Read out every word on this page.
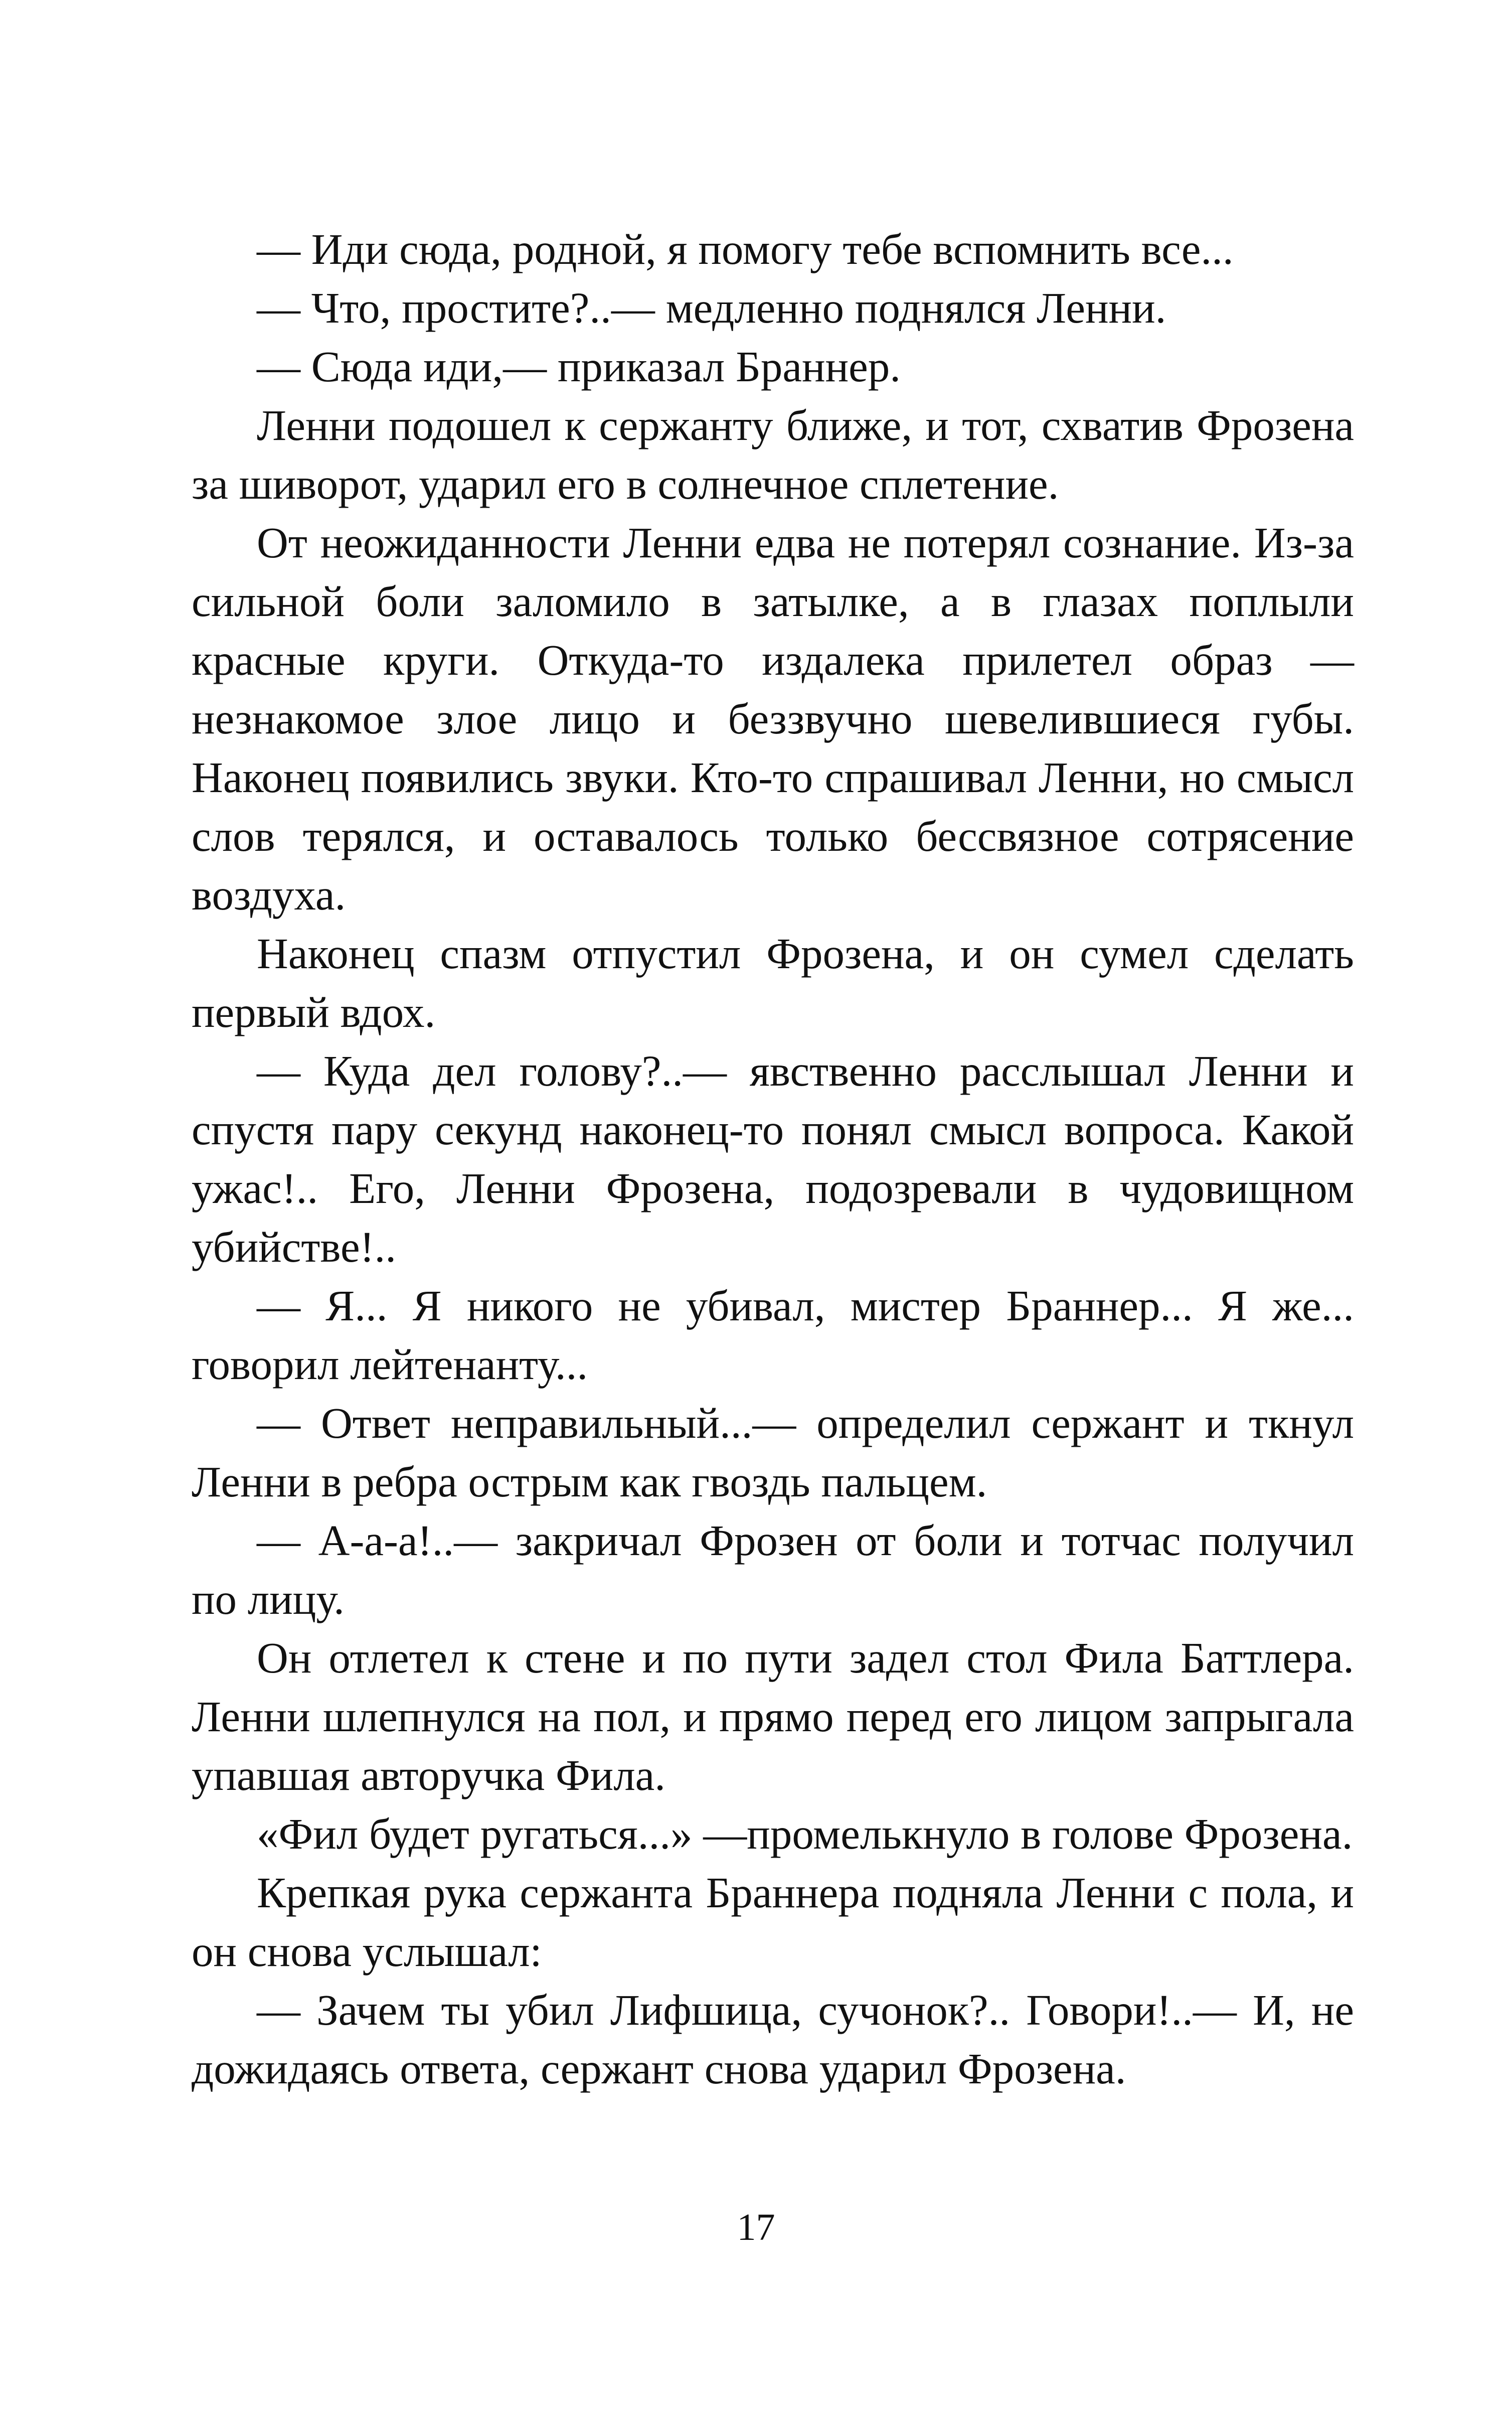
— Иди сюда, родной, я помогу тебе вспомнить все...

— Что, простите?..— медленно поднялся Ленни.

— Сюда иди,— приказал Браннер.

Ленни подошел к сержанту ближе, и тот, схватив Фрозена за шиворот, ударил его в солнечное сплетение.

От неожиданности Ленни едва не потерял сознание. Из-за сильной боли заломило в затылке, а в глазах поплыли красные круги. Откуда-то издалека прилетел образ — незнакомое злое лицо и беззвучно шевелившиеся губы. Наконец появились звуки. Кто-то спрашивал Ленни, но смысл слов терялся, и оставалось только бессвязное сотрясение воздуха.

Наконец спазм отпустил Фрозена, и он сумел сделать первый вдох.

— Куда дел голову?..— явственно расслышал Ленни и спустя пару секунд наконец-то понял смысл вопроса. Какой ужас!.. Его, Ленни Фрозена, подозревали в чудовищном убийстве!..

— Я... Я никого не убивал, мистер Браннер... Я же... говорил лейтенанту...

— Ответ неправильный...— определил сержант и ткнул Ленни в ребра острым как гвоздь пальцем.

— А-а-а!..— закричал Фрозен от боли и тотчас получил по лицу.

Он отлетел к стене и по пути задел стол Фила Баттлера. Ленни шлепнулся на пол, и прямо перед его лицом запрыгала упавшая авторучка Фила.

«Фил будет ругаться...» —промелькнуло в голове Фрозена.

Крепкая рука сержанта Браннера подняла Ленни с пола, и он снова услышал:

— Зачем ты убил Лифшица, сучонок?.. Говори!..— И, не дожидаясь ответа, сержант снова ударил Фрозена.

17
